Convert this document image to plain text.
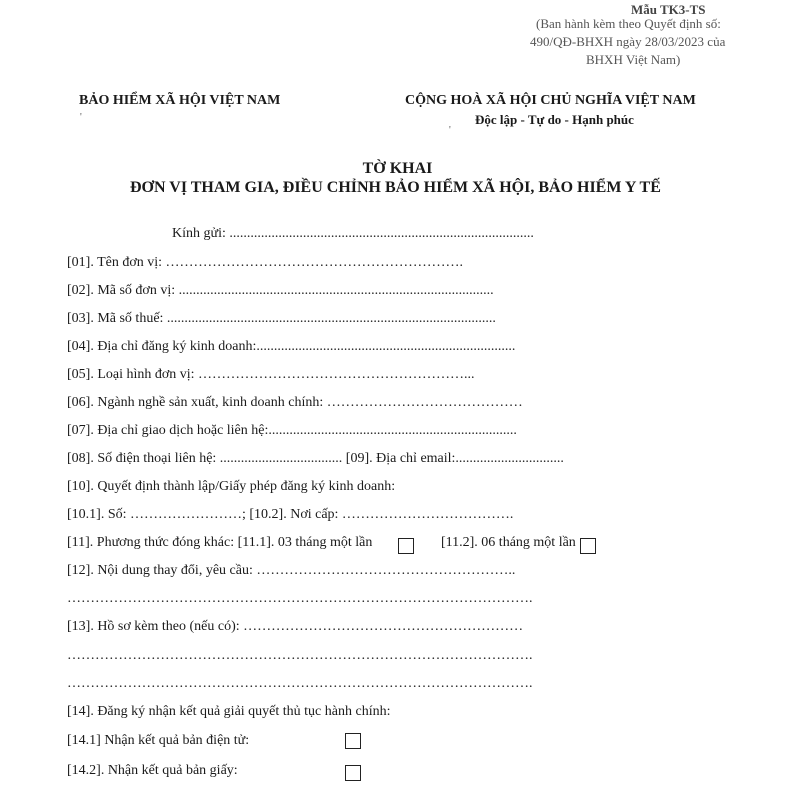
Mẫu TK3-TS
(Ban hành kèm theo Quyết định số:
490/QĐ-BHXH ngày 28/03/2023 của
BHXH Việt Nam)
BẢO HIỂM XÃ HỘI VIỆT NAM	CỘNG HOÀ XÃ HỘI CHỦ NGHĨA VIỆT NAM
Độc lập - Tự do - Hạnh phúc
'
'
TỜ KHAI
ĐƠN VỊ THAM GIA, ĐIỀU CHỈNH BẢO HIỂM XÃ HỘI, BẢO HIỂM Y TẾ
Kính gửi: .......................................................................................
[01]. Tên đơn vị: ……………………………………………………….
[02]. Mã số đơn vị: ..........................................................................................
[03]. Mã số thuế: ..............................................................................................
[04]. Địa chỉ đăng ký kinh doanh:..........................................................................
[05]. Loại hình đơn vị: …………………………………………………...
[06]. Ngành nghề sản xuất, kinh doanh chính: ……………………………………
[07]. Địa chỉ giao dịch hoặc liên hệ:.......................................................................
[08]. Số điện thoại liên hệ: ................................... [09]. Địa chỉ email:...............................
[10]. Quyết định thành lập/Giấy phép đăng ký kinh doanh:
[10.1]. Số: ……………………; [10.2]. Nơi cấp: ……………………………….
[11]. Phương thức đóng khác: [11.1]. 03 tháng một lần	[11.2]. 06 tháng một lần
[12]. Nội dung thay đổi, yêu cầu: ………………………………………………..
……………………………………………………………………………………….
[13]. Hồ sơ kèm theo (nếu có): ……………………………………………………
……………………………………………………………………………………….
……………………………………………………………………………………….
[14]. Đăng ký nhận kết quả giải quyết thủ tục hành chính:
[14.1] Nhận kết quả bản điện tử:
[14.2]. Nhận kết quả bản giấy:
